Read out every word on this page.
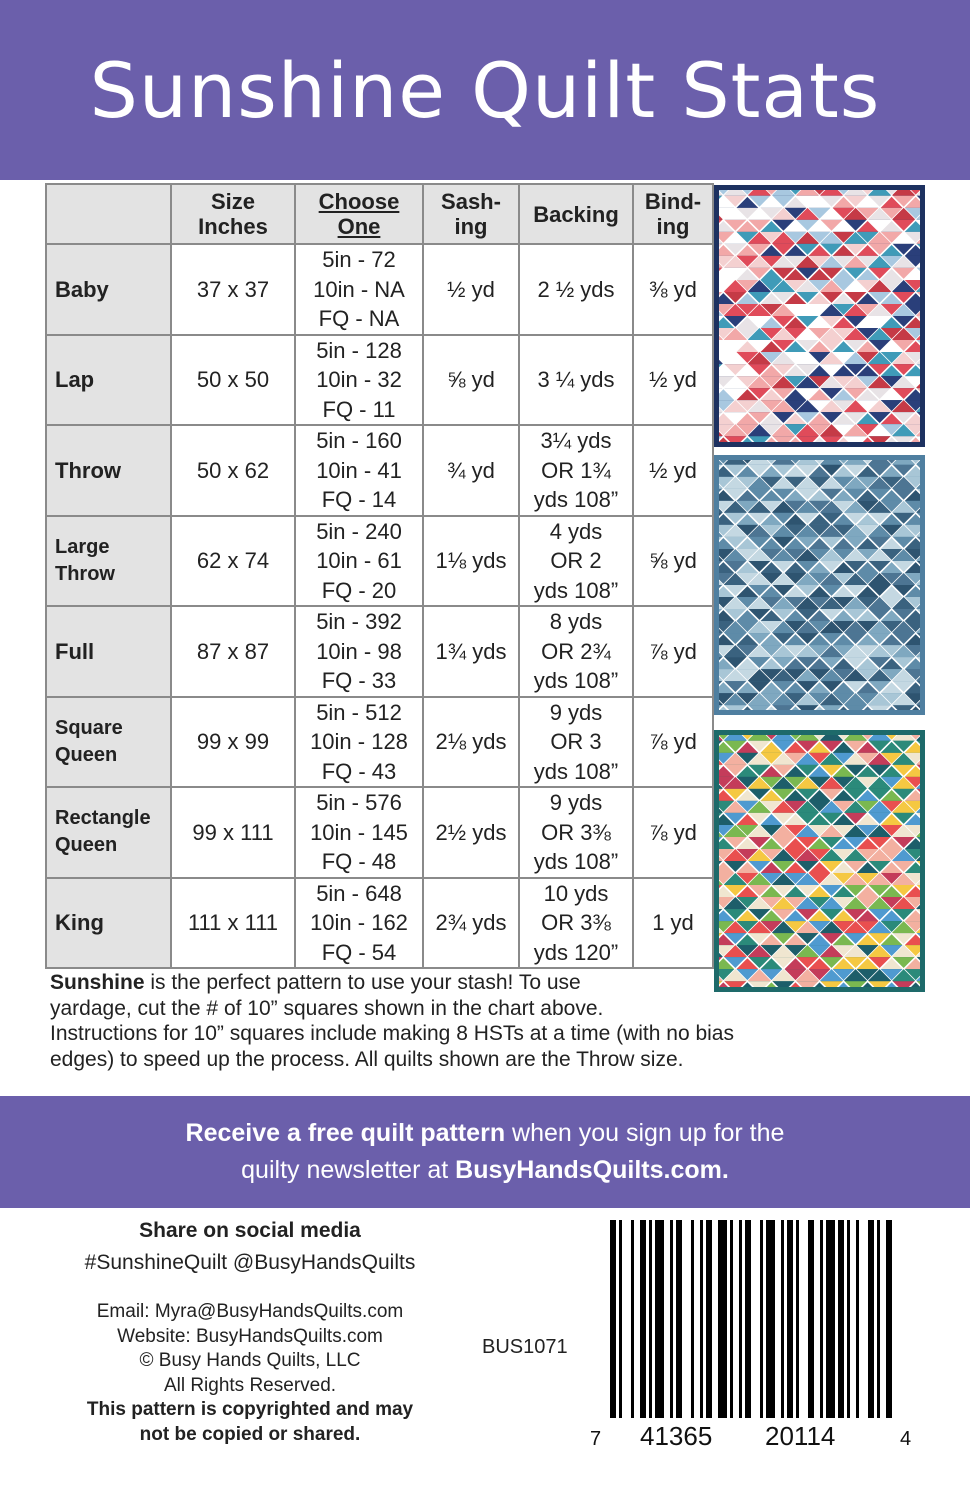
Sunshine Quilt Stats
	Size
Inches	Choose
One	Sash-
ing	Backing	Bind-
ing
Baby	37 x 37	5in - 72
10in - NA
FQ - NA	½ yd	2 ½ yds	⅜ yd
Lap	50 x 50	5in - 128
10in - 32
FQ - 11	⅝ yd	3 ¼ yds	½ yd
Throw	50 x 62	5in - 160
10in - 41
FQ - 14	¾ yd	3¼ yds
OR 1¾
yds 108”	½ yd
Large
Throw	62 x 74	5in - 240
10in - 61
FQ - 20	1⅛ yds	4 yds
OR 2
yds 108”	⅝ yd
Full	87 x 87	5in - 392
10in - 98
FQ - 33	1¾ yds	8 yds
OR 2¾
yds 108”	⅞ yd
Square
Queen	99 x 99	5in - 512
10in - 128
FQ - 43	2⅛ yds	9 yds
OR 3
yds 108”	⅞ yd
Rectangle
Queen	99 x 111	5in - 576
10in - 145
FQ - 48	2½ yds	9 yds
OR 3⅜
yds 108”	⅞ yd
King	111 x 111	5in - 648
10in - 162
FQ - 54	2¾ yds	10 yds
OR 3⅜
yds 120”	1 yd
Sunshine is the perfect pattern to use your stash! To use
yardage, cut the # of 10” squares shown in the chart above.
Instructions for 10” squares include making 8 HSTs at a time (with no bias
edges) to speed up the process. All quilts shown are the Throw size.
Receive a free quilt pattern when you sign up for the
quilty newsletter at BusyHandsQuilts.com.
Share on social media
#SunshineQuilt @BusyHandsQuilts
Email: Myra@BusyHandsQuilts.com
Website: BusyHandsQuilts.com
© Busy Hands Quilts, LLC
All Rights Reserved.
This pattern is copyrighted and may
not be copied or shared.
BUS1071
7 41365 20114	4
